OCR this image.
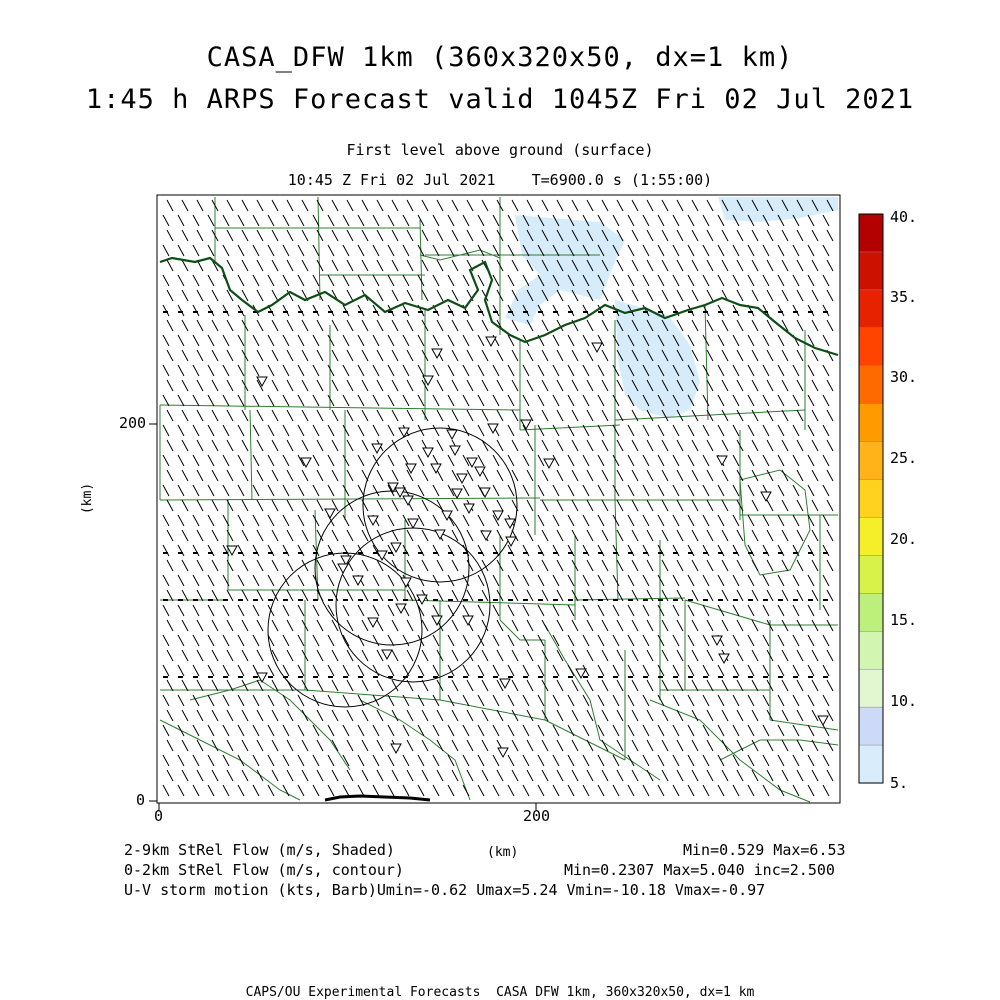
CASA_DFW 1km (360x320x50, dx=1 km)
1:45 h ARPS Forecast valid 1045Z Fri 02 Jul 2021
First level above ground (surface)
10:45 Z Fri 02 Jul 2021    T=6900.0 s (1:55:00)
0
200
0	200
(km)
40.
35.
30.
25.
20.
15.
10.
5.
2-9km StRel Flow (m/s, Shaded)	(km)	Min=0.529 Max=6.53
0-2km StRel Flow (m/s, contour)	Min=0.2307 Max=5.040 inc=2.500
U-V storm motion (kts, Barb)Umin=-0.62 Umax=5.24 Vmin=-10.18 Vmax=-0.97
CAPS/OU Experimental Forecasts  CASA DFW 1km, 360x320x50, dx=1 km
